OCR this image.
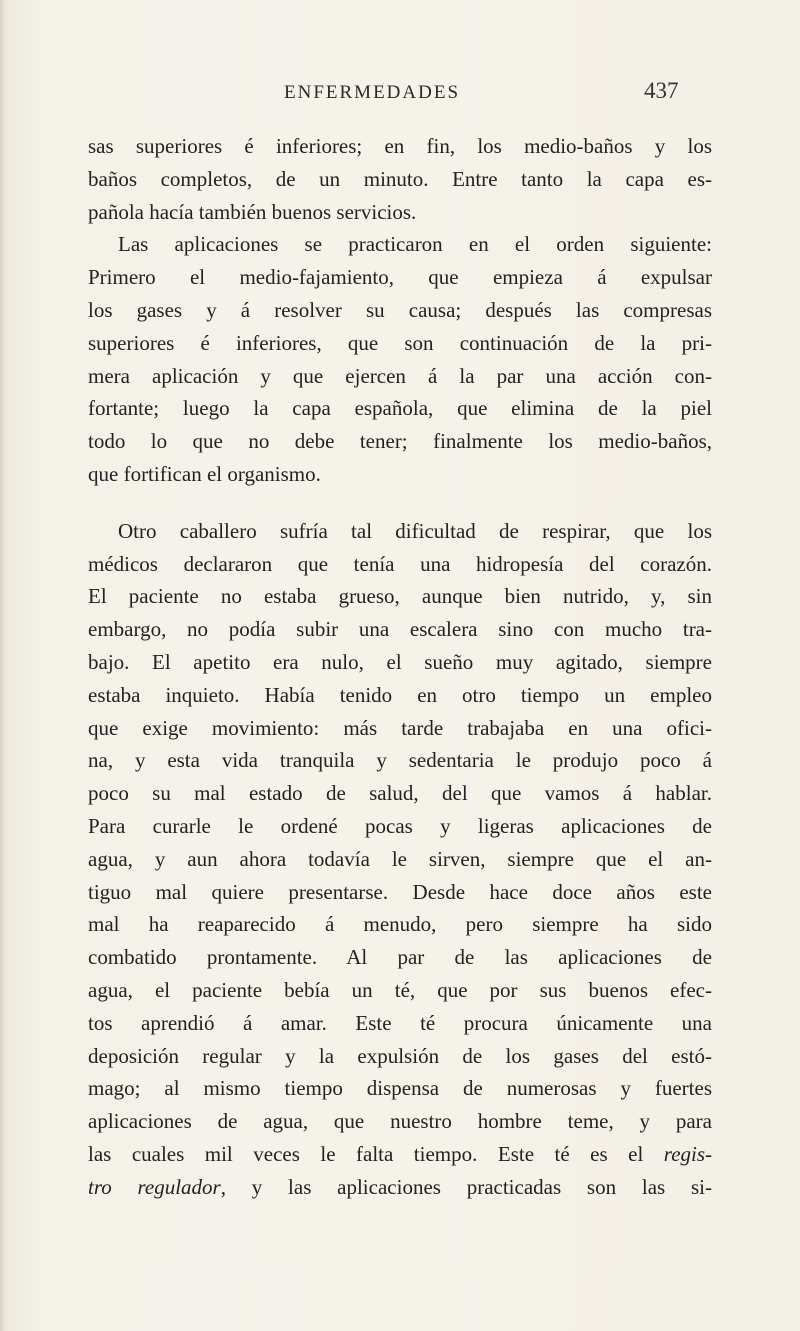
ENFERMEDADES	437
sas superiores é inferiores; en fin, los medio-baños y los
baños completos, de un minuto. Entre tanto la capa es-
pañola hacía también buenos servicios.
Las aplicaciones se practicaron en el orden siguiente:
Primero el medio-fajamiento, que empieza á expulsar
los gases y á resolver su causa; después las compresas
superiores é inferiores, que son continuación de la pri-
mera aplicación y que ejercen á la par una acción con-
fortante; luego la capa española, que elimina de la piel
todo lo que no debe tener; finalmente los medio-baños,
que fortifican el organismo.
Otro caballero sufría tal dificultad de respirar, que los
médicos declararon que tenía una hidropesía del corazón.
El paciente no estaba grueso, aunque bien nutrido, y, sin
embargo, no podía subir una escalera sino con mucho tra-
bajo. El apetito era nulo, el sueño muy agitado, siempre
estaba inquieto. Había tenido en otro tiempo un empleo
que exige movimiento: más tarde trabajaba en una ofici-
na, y esta vida tranquila y sedentaria le produjo poco á
poco su mal estado de salud, del que vamos á hablar.
Para curarle le ordené pocas y ligeras aplicaciones de
agua, y aun ahora todavía le sirven, siempre que el an-
tiguo mal quiere presentarse. Desde hace doce años este
mal ha reaparecido á menudo, pero siempre ha sido
combatido prontamente. Al par de las aplicaciones de
agua, el paciente bebía un té, que por sus buenos efec-
tos aprendió á amar. Este té procura únicamente una
deposición regular y la expulsión de los gases del estó-
mago; al mismo tiempo dispensa de numerosas y fuertes
aplicaciones de agua, que nuestro hombre teme, y para
las cuales mil veces le falta tiempo. Este té es el regis-
tro regulador, y las aplicaciones practicadas son las si-
